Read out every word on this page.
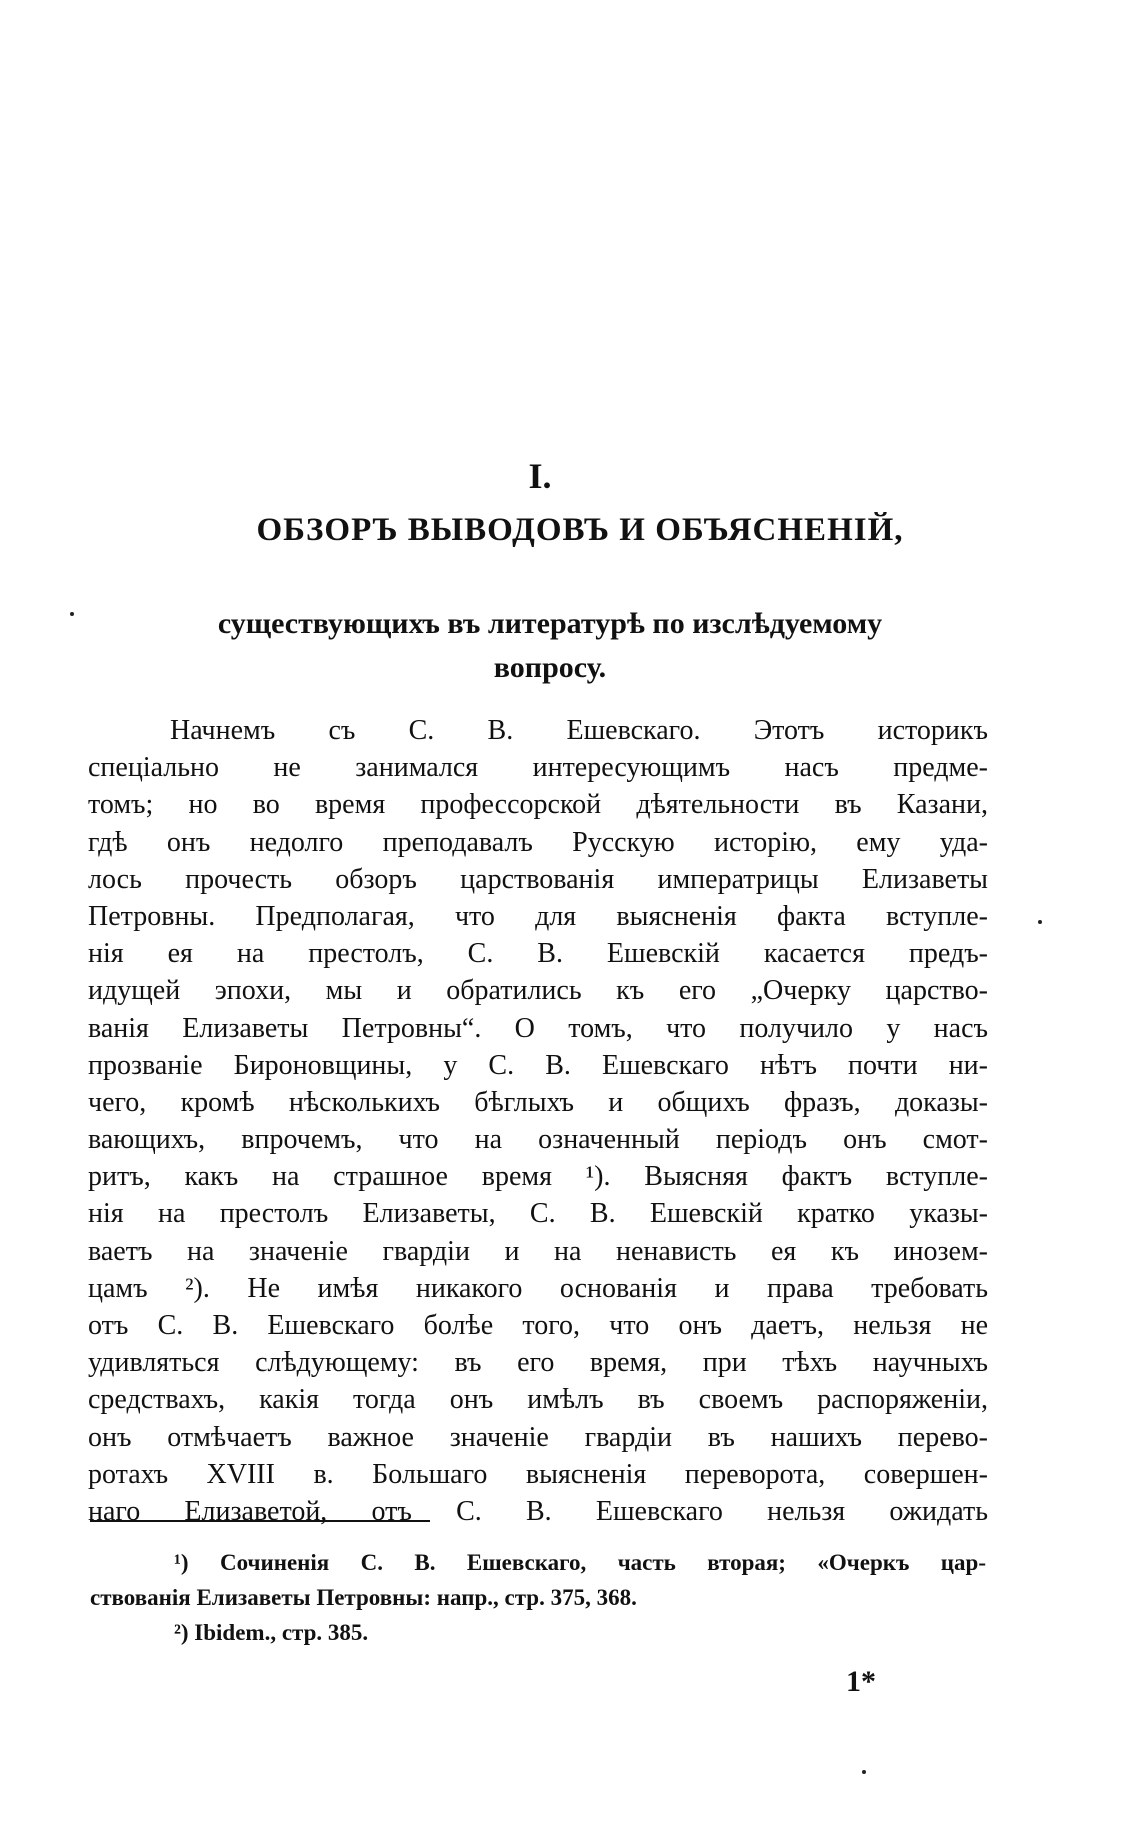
I.
ОБЗОРЪ ВЫВОДОВЪ И ОБЪЯСНЕНІЙ,
существующихъ въ литературѣ по изслѣдуемому
вопросу.
Начнемъ съ С. В. Ешевскаго. Этотъ историкъ
спеціально не занимался интересующимъ насъ предме-
томъ; но во время профессорской дѣятельности въ Казани,
гдѣ онъ недолго преподавалъ Русскую исторію, ему уда-
лось прочесть обзоръ царствованія императрицы Елизаветы
Петровны. Предполагая, что для выясненія факта вступле-
нія ея на престолъ, С. В. Ешевскій касается предъ-
идущей эпохи, мы и обратились къ его „Очерку царство-
ванія Елизаветы Петровны“. О томъ, что получило у насъ
прозваніе Бироновщины, у С. В. Ешевскаго нѣтъ почти ни-
чего, кромѣ нѣсколькихъ бѣглыхъ и общихъ фразъ, доказы-
вающихъ, впрочемъ, что на означенный періодъ онъ смот-
ритъ, какъ на страшное время ¹). Выясняя фактъ вступле-
нія на престолъ Елизаветы, С. В. Ешевскій кратко указы-
ваетъ на значеніе гвардіи и на ненависть ея къ инозем-
цамъ ²). Не имѣя никакого основанія и права требовать
отъ С. В. Ешевскаго болѣе того, что онъ даетъ, нельзя не
удивляться слѣдующему: въ его время, при тѣхъ научныхъ
средствахъ, какія тогда онъ имѣлъ въ своемъ распоряженіи,
онъ отмѣчаетъ важное значеніе гвардіи въ нашихъ перево-
ротахъ XVIII в. Большаго выясненія переворота, совершен-
наго Елизаветой, отъ С. В. Ешевскаго нельзя ожидать
¹) Сочиненія С. В. Ешевскаго, часть вторая; «Очеркъ цар-
ствованія Елизаветы Петровны: напр., стр. 375, 368.
²) Ibidem., стр. 385.
1*
